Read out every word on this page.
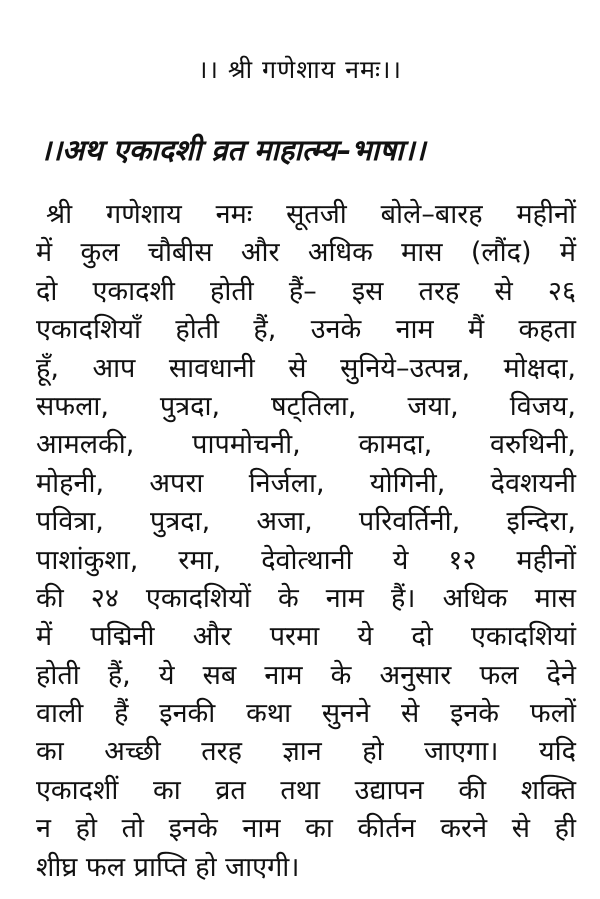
।। श्री गणेशाय नमः।।
।।अथ एकादशी व्रत माहात्म्य–भाषा।।
श्री गणेशाय नमः सूतजी बोले–बारह महीनों
में कुल चौबीस और अधिक मास (लौंद) में
दो एकादशी होती हैं– इस तरह से २६
एकादशियाँ होती हैं, उनके नाम मैं कहता
हूँ, आप सावधानी से सुनिये–उत्पन्न, मोक्षदा,
सफला, पुत्रदा, षट्तिला, जया, विजय,
आमलकी, पापमोचनी, कामदा, वरुथिनी,
मोहनी, अपरा निर्जला, योगिनी, देवशयनी
पवित्रा, पुत्रदा, अजा, परिवर्तिनी, इन्दिरा,
पाशांकुशा, रमा, देवोत्थानी ये १२ महीनों
की २४ एकादशियों के नाम हैं। अधिक मास
में पद्मिनी और परमा ये दो एकादशियां
होती हैं, ये सब नाम के अनुसार फल देने
वाली हैं इनकी कथा सुनने से इनके फलों
का अच्छी तरह ज्ञान हो जाएगा। यदि
एकादशीं का व्रत तथा उद्यापन की शक्ति
न हो तो इनके नाम का कीर्तन करने से ही
शीघ्र फल प्राप्ति हो जाएगी।
